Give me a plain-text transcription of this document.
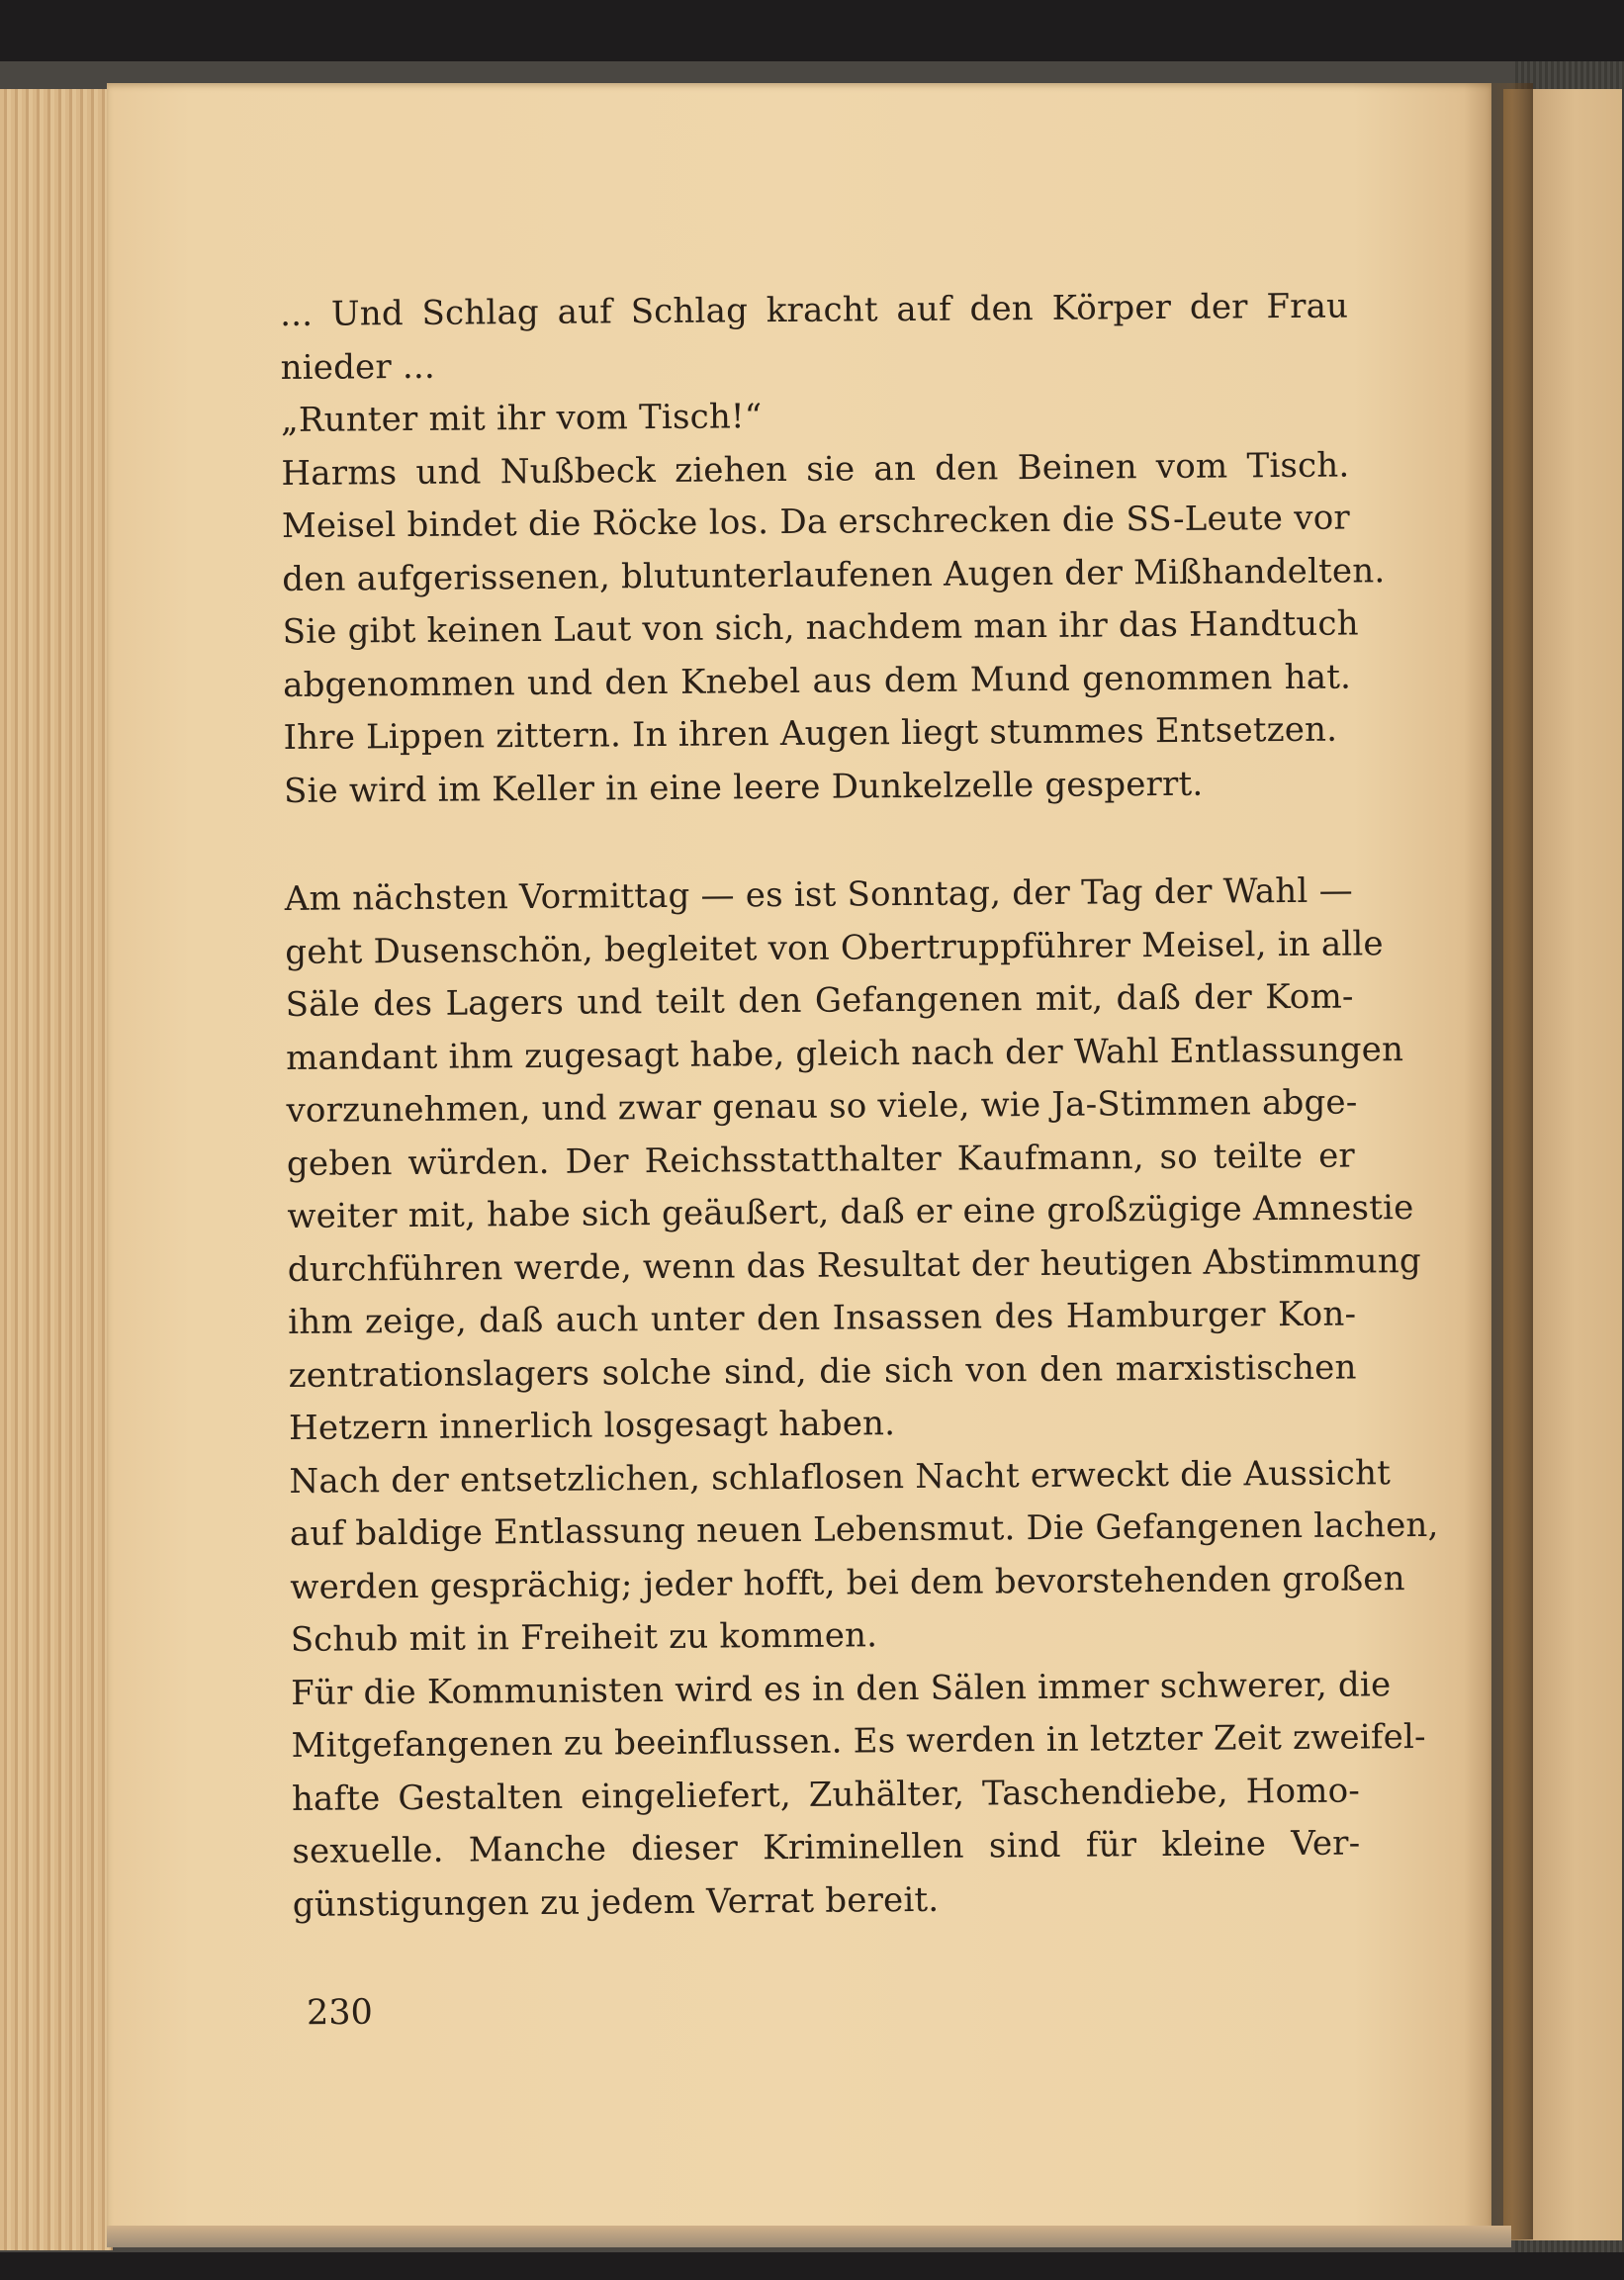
... Und Schlag auf Schlag kracht auf den Körper der Frau
nieder ...
„Runter mit ihr vom Tisch!“
Harms und Nußbeck ziehen sie an den Beinen vom Tisch.
Meisel bindet die Röcke los. Da erschrecken die SS-Leute vor
den aufgerissenen, blutunterlaufenen Augen der Mißhandelten.
Sie gibt keinen Laut von sich, nachdem man ihr das Handtuch
abgenommen und den Knebel aus dem Mund genommen hat.
Ihre Lippen zittern. In ihren Augen liegt stummes Entsetzen.
Sie wird im Keller in eine leere Dunkelzelle gesperrt.
Am nächsten Vormittag — es ist Sonntag, der Tag der Wahl —
geht Dusenschön, begleitet von Obertruppführer Meisel, in alle
Säle des Lagers und teilt den Gefangenen mit, daß der Kom-
mandant ihm zugesagt habe, gleich nach der Wahl Entlassungen
vorzunehmen, und zwar genau so viele, wie Ja-Stimmen abge-
geben würden. Der Reichsstatthalter Kaufmann, so teilte er
weiter mit, habe sich geäußert, daß er eine großzügige Amnestie
durchführen werde, wenn das Resultat der heutigen Abstimmung
ihm zeige, daß auch unter den Insassen des Hamburger Kon-
zentrationslagers solche sind, die sich von den marxistischen
Hetzern innerlich losgesagt haben.
Nach der entsetzlichen, schlaflosen Nacht erweckt die Aussicht
auf baldige Entlassung neuen Lebensmut. Die Gefangenen lachen,
werden gesprächig; jeder hofft, bei dem bevorstehenden großen
Schub mit in Freiheit zu kommen.
Für die Kommunisten wird es in den Sälen immer schwerer, die
Mitgefangenen zu beeinflussen. Es werden in letzter Zeit zweifel-
hafte Gestalten eingeliefert, Zuhälter, Taschendiebe, Homo-
sexuelle. Manche dieser Kriminellen sind für kleine Ver-
günstigungen zu jedem Verrat bereit.
230
